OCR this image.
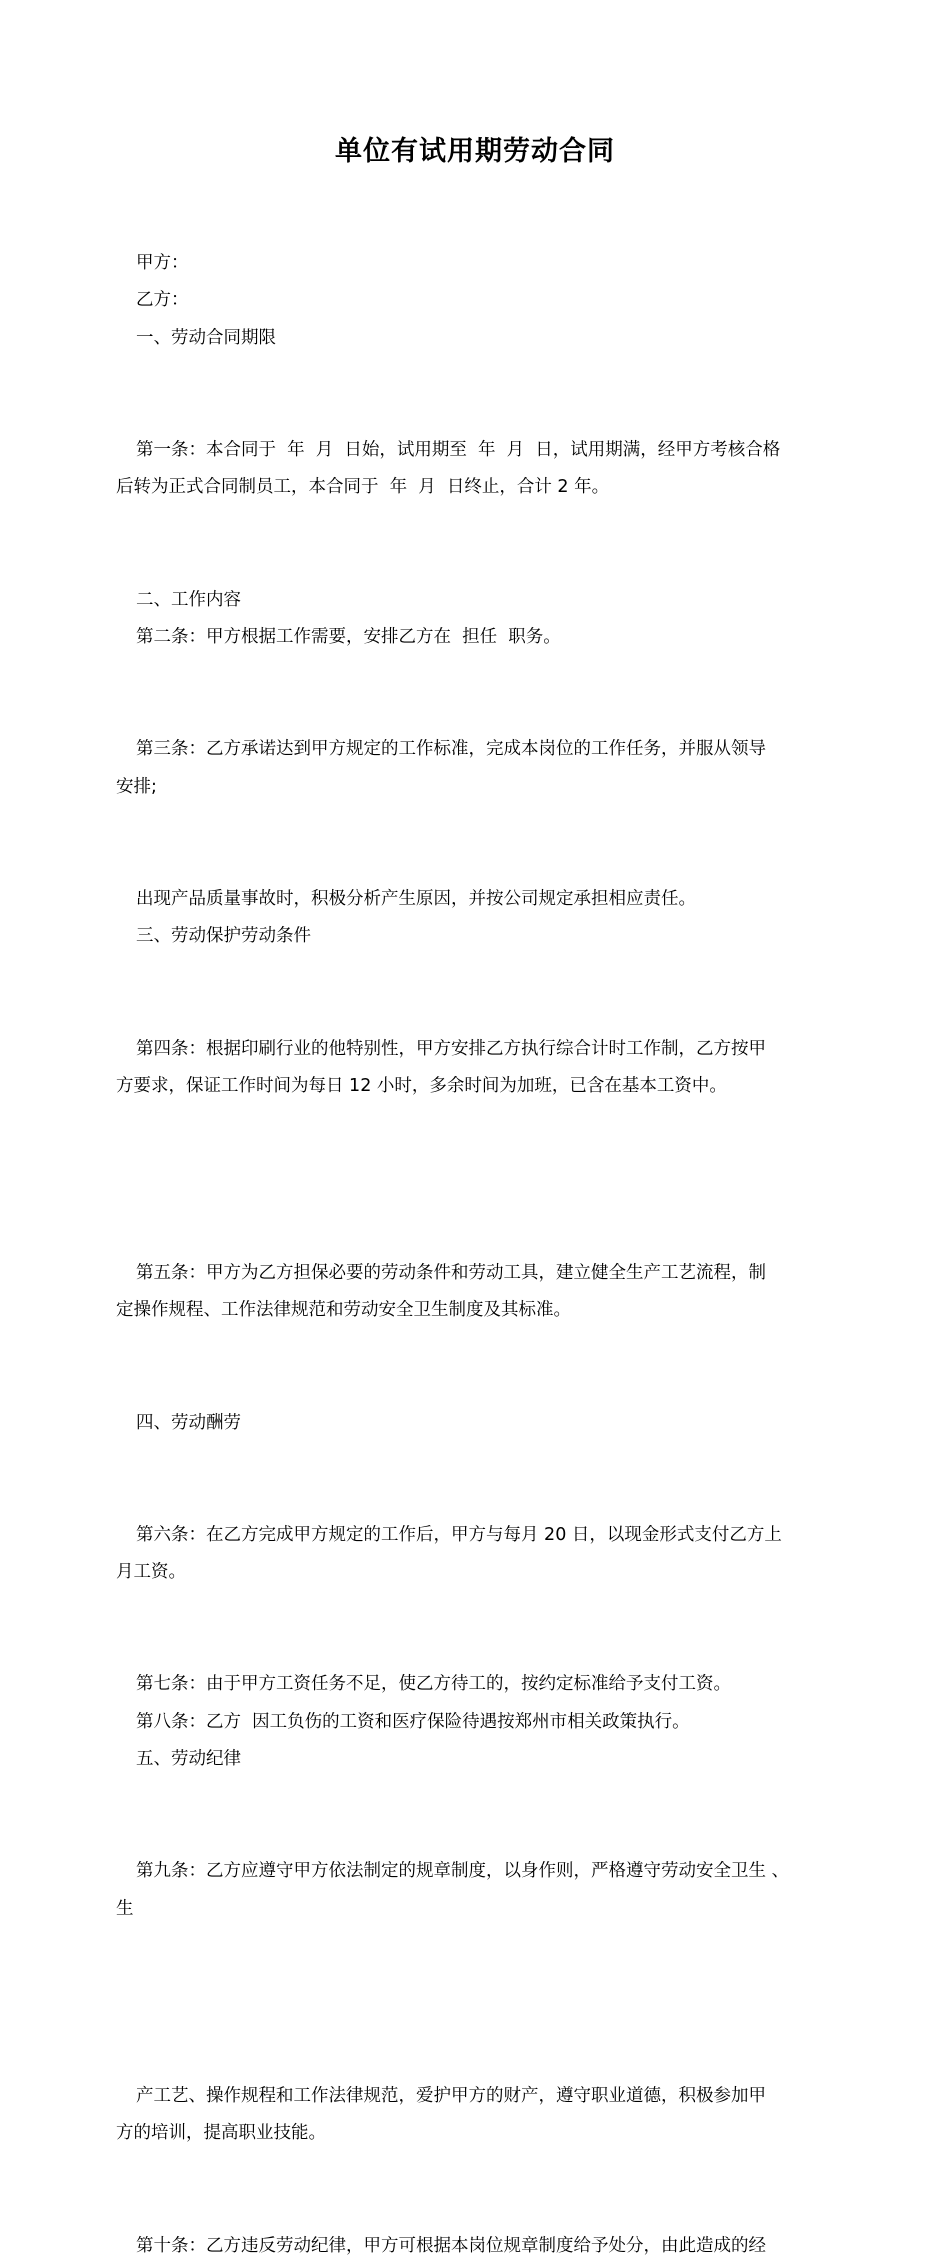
单位有试用期劳动合同

甲方：

乙方：

一、劳动合同期限

第一条：本合同于  年  月  日始，试用期至  年  月  日，试用期满，经甲方考核合格
后转为正式合同制员工，本合同于  年  月  日终止，合计 2 年。

二、工作内容

第二条：甲方根据工作需要，安排乙方在  担任  职务。

第三条：乙方承诺达到甲方规定的工作标准，完成本岗位的工作任务，并服从领导
安排;

出现产品质量事故时，积极分析产生原因，并按公司规定承担相应责任。

三、劳动保护劳动条件

第四条：根据印刷行业的他特别性，甲方安排乙方执行综合计时工作制，乙方按甲
方要求，保证工作时间为每日 12 小时，多余时间为加班，已含在基本工资中。

第五条：甲方为乙方担保必要的劳动条件和劳动工具，建立健全生产工艺流程，制
定操作规程、工作法律规范和劳动安全卫生制度及其标准。

四、劳动酬劳

第六条：在乙方完成甲方规定的工作后，甲方与每月 20 日，以现金形式支付乙方上
月工资。

第七条：由于甲方工资任务不足，使乙方待工的，按约定标准给予支付工资。

第八条：乙方  因工负伤的工资和医疗保险待遇按郑州市相关政策执行。

五、劳动纪律

第九条：乙方应遵守甲方依法制定的规章制度，以身作则，严格遵守劳动安全卫生 、
生

产工艺、操作规程和工作法律规范，爱护甲方的财产，遵守职业道德，积极参加甲
方的培训，提高职业技能。

第十条：乙方违反劳动纪律，甲方可根据本岗位规章制度给予处分，由此造成的经
